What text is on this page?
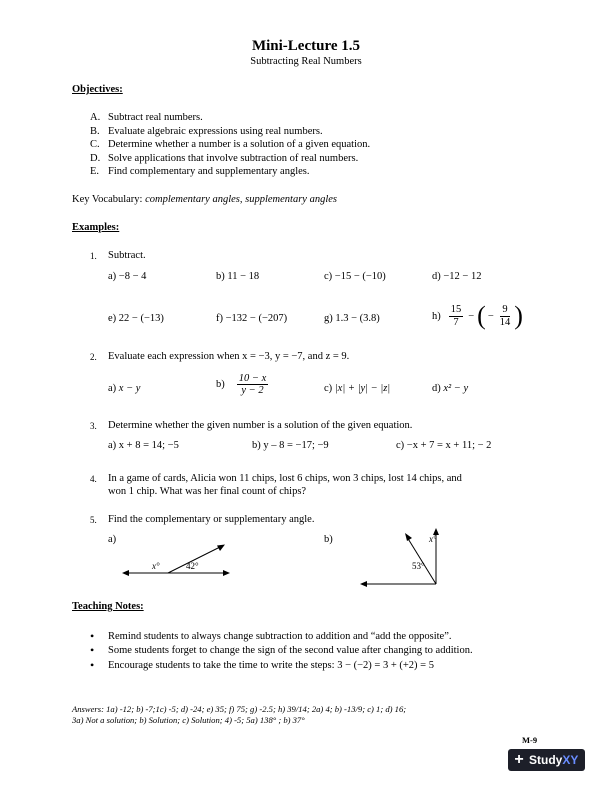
Mini-Lecture 1.5
Subtracting Real Numbers
Objectives:
A. Subtract real numbers.
B. Evaluate algebraic expressions using real numbers.
C. Determine whether a number is a solution of a given equation.
D. Solve applications that involve subtraction of real numbers.
E. Find complementary and supplementary angles.
Key Vocabulary: complementary angles, supplementary angles
Examples:
1. Subtract.
a) −8 − 4	b) 11 − 18	c) −15 − (−10)	d) −12 − 12
e) 22 − (−13)	f) −132 − (−207)	g) 1.3 − (3.8)	$h) \frac{15}{7}$ − ( − $\frac{9}{14}$ )
2. Evaluate each expression when x = −3, y = −7, and z = 9.
a) x − y	$b) \frac{10 - x}{y - 2}$	c) |x| + |y| − |z|	d) x² − y
3. Determine whether the given number is a solution of the given equation.
a) x + 8 = 14; −5	b) y – 8 = −17; −9	c) −x + 7 = x + 11; − 2
4. In a game of cards, Alicia won 11 chips, lost 6 chips, won 3 chips, lost 14 chips, and
won 1 chip. What was her final count of chips?
5. Find the complementary or supplementary angle.
a)	b)
x°	42°
x°
53°
Teaching Notes:
• Remind students to always change subtraction to addition and “add the opposite”.
• Some students forget to change the sign of the second value after changing to addition.
• Encourage students to take the time to write the steps: 3 − (−2) = 3 + (+2) = 5
Answers: 1a) -12; b) -7;1c) -5; d) -24; e) 35; f) 75; g) -2.5; h) 39/14; 2a) 4; b) -13/9; c) 1; d) 16;
3a) Not a solution; b) Solution; c) Solution; 4) -5; 5a) 138° ; b) 37°
M-9
+ Study XY
